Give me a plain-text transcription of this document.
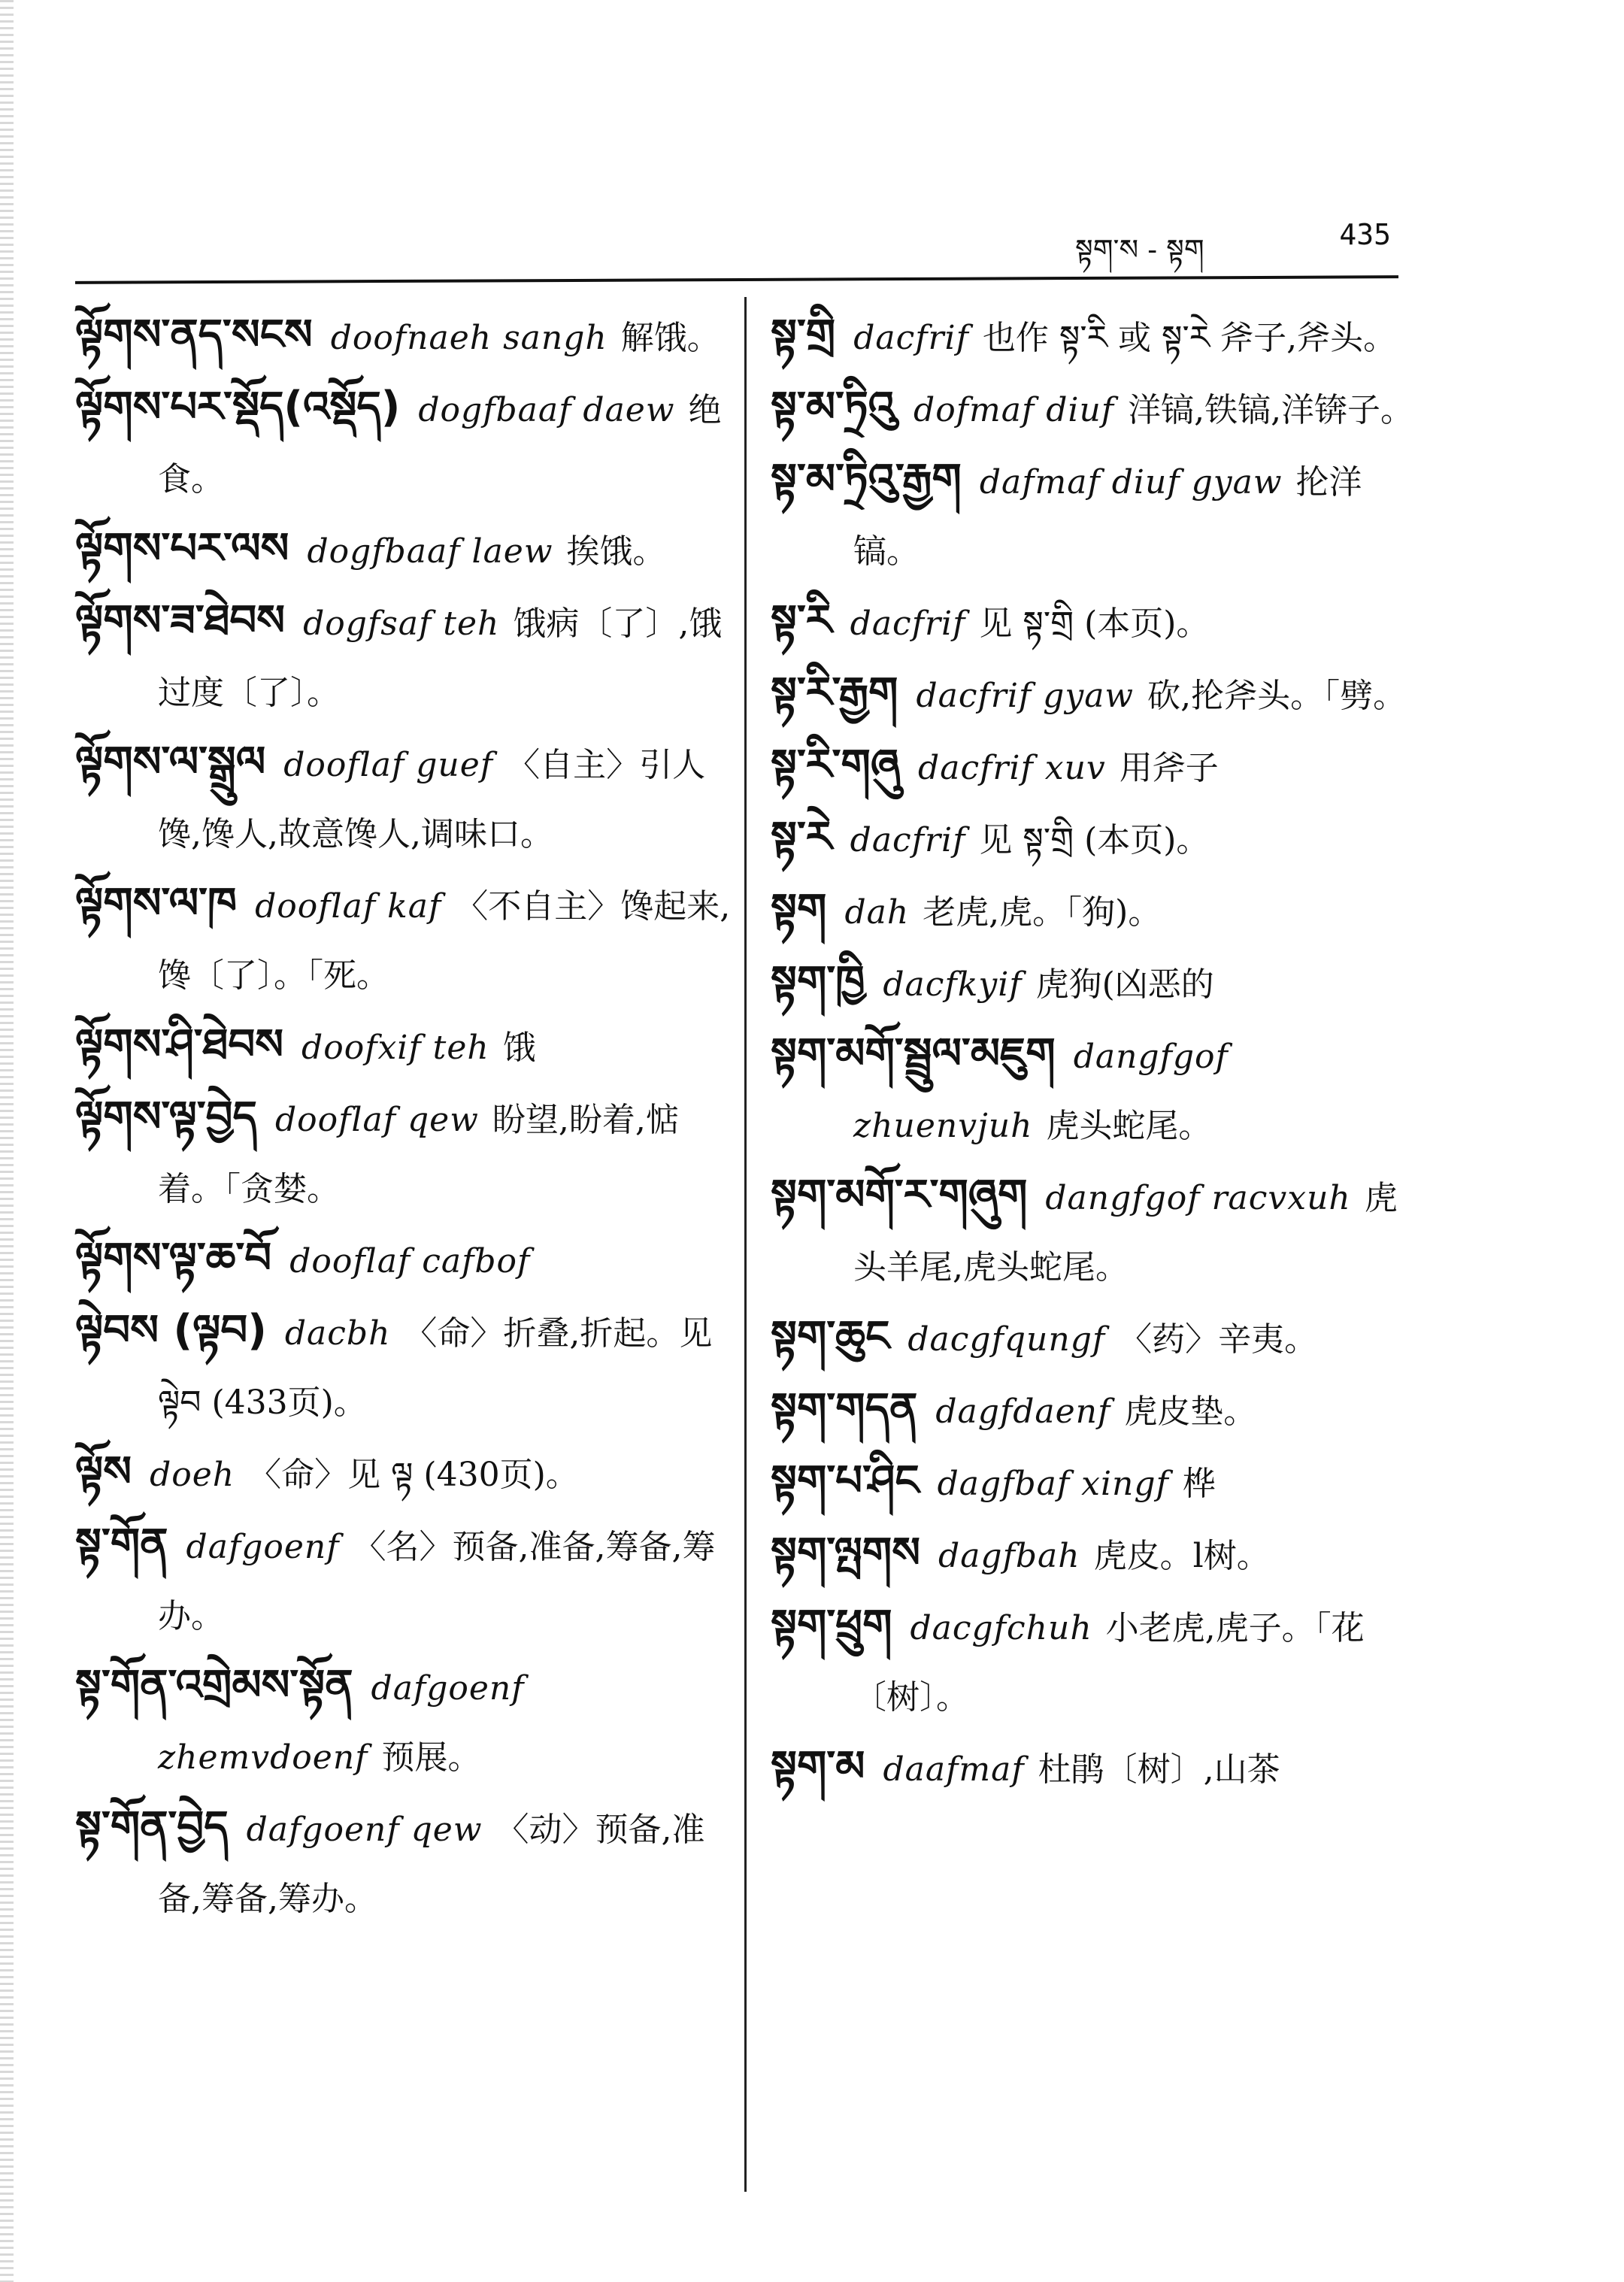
སྟག་ས - སྟག	435
ལྟོགས་ནད་སངས doofnaeh sangh 解饿。
ལྟོགས་པར་སྡོད(འསྡོད) dogfbaaf daew 绝食。
ལྟོགས་པར་ལས dogfbaaf laew 挨饿。
ལྟོགས་ཟ་ཐེབས dogfsaf teh 饿病〔了〕,饿过度〔了〕。
ལྟོགས་ལ་སྒྲུལ dooflaf guef 〈自主〉引人馋,馋人,故意馋人,调味口。
ལྟོགས་ལ་ཁ dooflaf kaf 〈不自主〉馋起来,馋〔了〕。「死。
ལྟོགས་ཤི་ཐེབས doofxif teh 饿
ལྟོགས་ལྟ་བྱེད dooflaf qew 盼望,盼着,惦着。「贪婪。
ལྟོགས་ལྟ་ཆ་བོ dooflaf cafbof
ལྟེབས (ལྟབ) dacbh 〈命〉折叠,折起。见 ལྟེབ (433页)。
ལྟོས doeh 〈命〉见 ལྟ (430页)。
སྟ་གོན dafgoenf 〈名〉预备,准备,筹备,筹办。
སྟ་གོན་འགྲེམས་སྟོན dafgoenf zhemvdoenf 预展。
སྟ་གོན་བྱེད dafgoenf qew 〈动〉预备,准备,筹备,筹办。
སྟ་གྲི dacfrif 也作 སྟ་རི 或 སྟ་རེ 斧子,斧头。
སྟ་མ་ཏྲིའུ dofmaf diuf 洋镐,铁镐,洋锛子。
སྟ་མ་ཏྲིའུ་རྒྱག dafmaf diuf gyaw 抡洋镐。
སྟ་རི dacfrif 见 སྟ་གྲི (本页)。
སྟ་རི་རྒྱག dacfrif gyaw 砍,抡斧头。「劈。
སྟ་རི་གཞུ dacfrif xuv 用斧子
སྟ་རེ dacfrif 见 སྟ་གྲི (本页)。
སྟག dah 老虎,虎。「狗)。
སྟག་ཁྱི dacfkyif 虎狗(凶恶的
སྟག་མགོ་སྦྲུལ་མཇུག dangfgof zhuenvjuh 虎头蛇尾。
སྟག་མགོ་ར་གཞུག dangfgof racvxuh 虎头羊尾,虎头蛇尾。
སྟག་ཆུང dacgfqungf 〈药〉辛夷。
སྟག་གདན dagfdaenf 虎皮垫。
སྟག་པ་ཤིང dagfbaf xingf 桦
སྟག་ལྤགས dagfbah 虎皮。l树。
སྟག་ཕྲུག dacgfchuh 小老虎,虎子。「花〔树〕。
སྟག་མ daafmaf 杜鹃〔树〕,山茶
